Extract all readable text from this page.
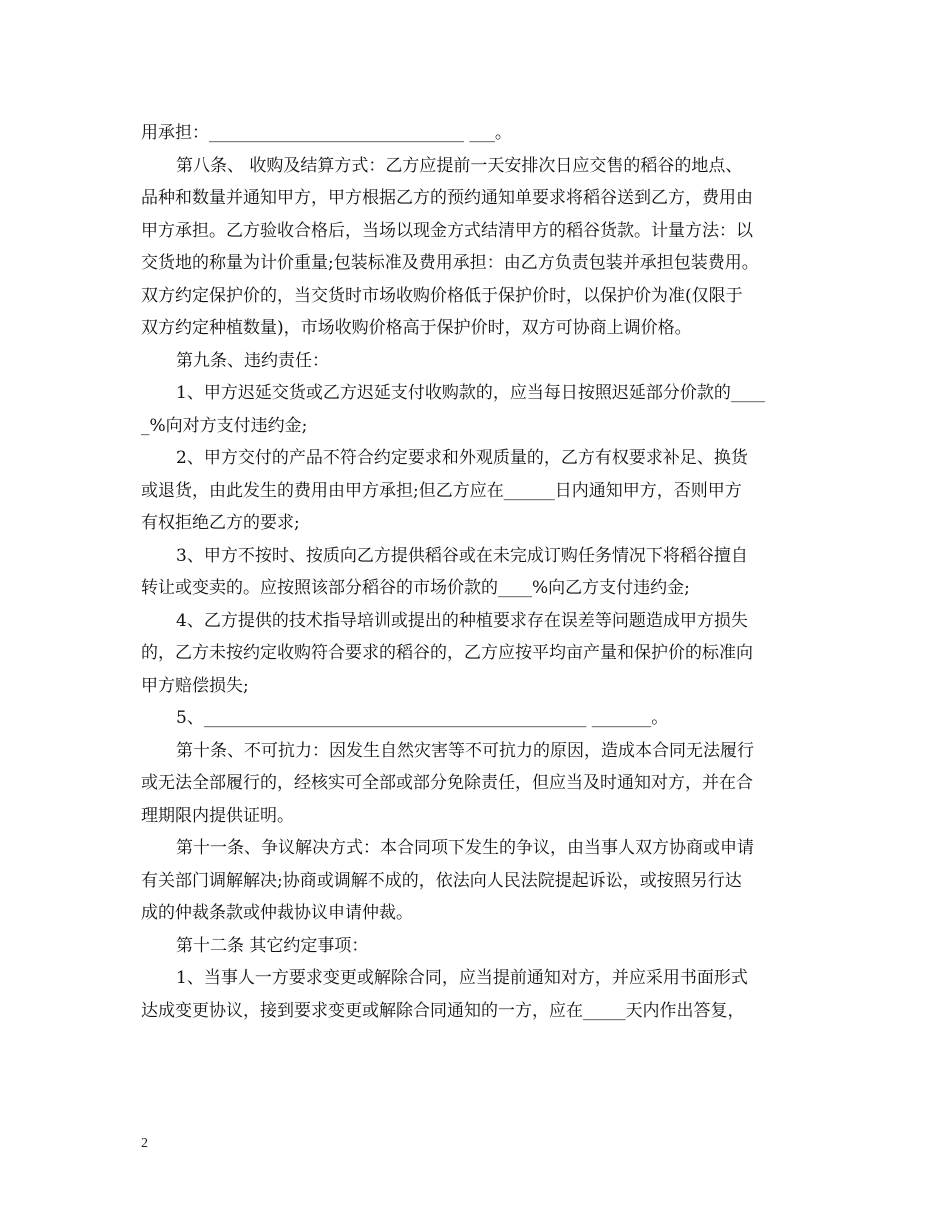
用承担：______________________________ ___。
第八条、 收购及结算方式：乙方应提前一天安排次日应交售的稻谷的地点、
品种和数量并通知甲方，甲方根据乙方的预约通知单要求将稻谷送到乙方，费用由
甲方承担。乙方验收合格后，当场以现金方式结清甲方的稻谷货款。计量方法：以
交货地的称量为计价重量;包装标准及费用承担：由乙方负责包装并承担包装费用。
双方约定保护价的，当交货时市场收购价格低于保护价时，以保护价为准(仅限于
双方约定种植数量)，市场收购价格高于保护价时，双方可协商上调价格。
第九条、违约责任：
1、甲方迟延交货或乙方迟延支付收购款的，应当每日按照迟延部分价款的____
_%向对方支付违约金;
2、甲方交付的产品不符合约定要求和外观质量的，乙方有权要求补足、换货
或退货，由此发生的费用由甲方承担;但乙方应在______日内通知甲方，否则甲方
有权拒绝乙方的要求;
3、甲方不按时、按质向乙方提供稻谷或在未完成订购任务情况下将稻谷擅自
转让或变卖的。应按照该部分稻谷的市场价款的____%向乙方支付违约金;
4、乙方提供的技术指导培训或提出的种植要求存在误差等问题造成甲方损失
的，乙方未按约定收购符合要求的稻谷的，乙方应按平均亩产量和保护价的标准向
甲方赔偿损失;
5、_____________________________________________ _______。
第十条、不可抗力：因发生自然灾害等不可抗力的原因，造成本合同无法履行
或无法全部履行的，经核实可全部或部分免除责任，但应当及时通知对方，并在合
理期限内提供证明。
第十一条、争议解决方式：本合同项下发生的争议，由当事人双方协商或申请
有关部门调解解决;协商或调解不成的，依法向人民法院提起诉讼，或按照另行达
成的仲裁条款或仲裁协议申请仲裁。
第十二条 其它约定事项：
1、当事人一方要求变更或解除合同，应当提前通知对方，并应采用书面形式
达成变更协议，接到要求变更或解除合同通知的一方，应在_____天内作出答复，
2
